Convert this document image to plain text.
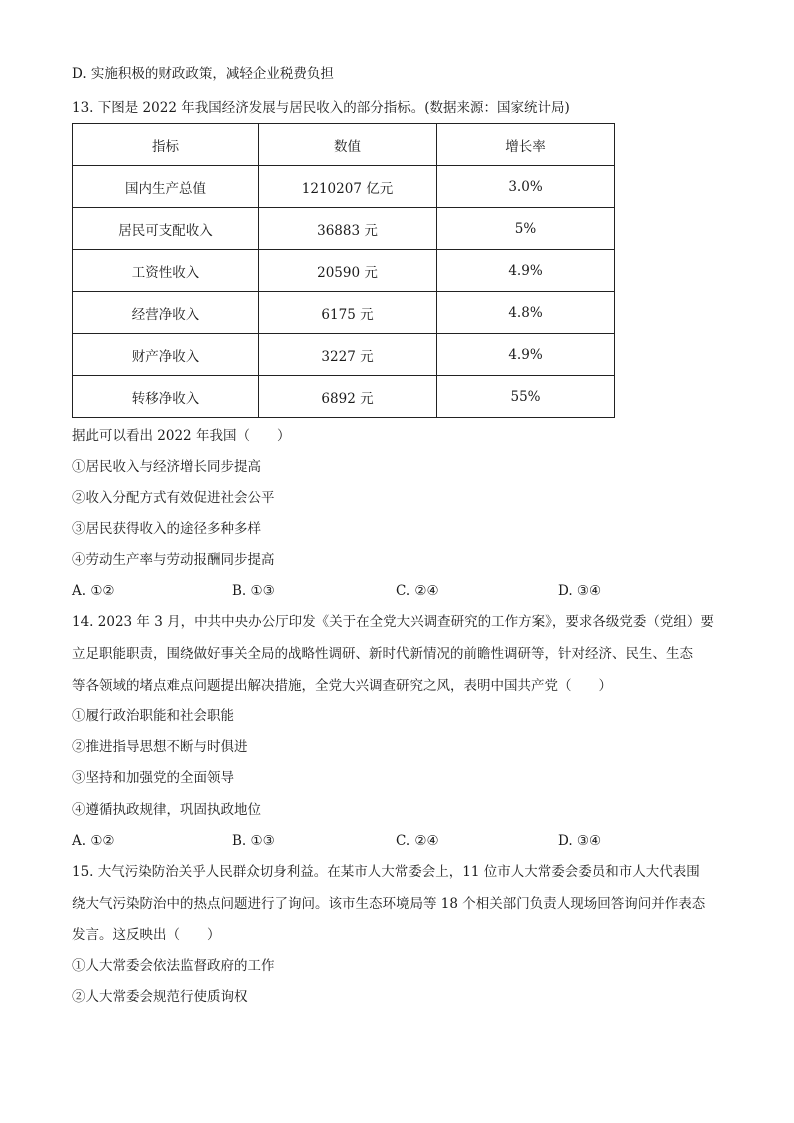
D. 实施积极的财政政策，减轻企业税费负担
13. 下图是 2022 年我国经济发展与居民收入的部分指标。(数据来源：国家统计局)
指标	数值	增长率
国内生产总值	1210207 亿元	3.0%
居民可支配收入	36883 元	5%
工资性收入	20590 元	4.9%
经营净收入	6175 元	4.8%
财产净收入	3227 元	4.9%
转移净收入	6892 元	55%
据此可以看出 2022 年我国（　　）
①居民收入与经济增长同步提高
②收入分配方式有效促进社会公平
③居民获得收入的途径多种多样
④劳动生产率与劳动报酬同步提高
A. ①②	B. ①③	C. ②④	D. ③④
14. 2023 年 3 月，中共中央办公厅印发《关于在全党大兴调查研究的工作方案》，要求各级党委（党组）要
立足职能职责，围绕做好事关全局的战略性调研、新时代新情况的前瞻性调研等，针对经济、民生、生态
等各领域的堵点难点问题提出解决措施，全党大兴调查研究之风，表明中国共产党（　　）
①履行政治职能和社会职能
②推进指导思想不断与时俱进
③坚持和加强党的全面领导
④遵循执政规律，巩固执政地位
A. ①②	B. ①③	C. ②④	D. ③④
15. 大气污染防治关乎人民群众切身利益。在某市人大常委会上，11 位市人大常委会委员和市人大代表围
绕大气污染防治中的热点问题进行了询问。该市生态环境局等 18 个相关部门负责人现场回答询问并作表态
发言。这反映出（　　）
①人大常委会依法监督政府的工作
②人大常委会规范行使质询权
